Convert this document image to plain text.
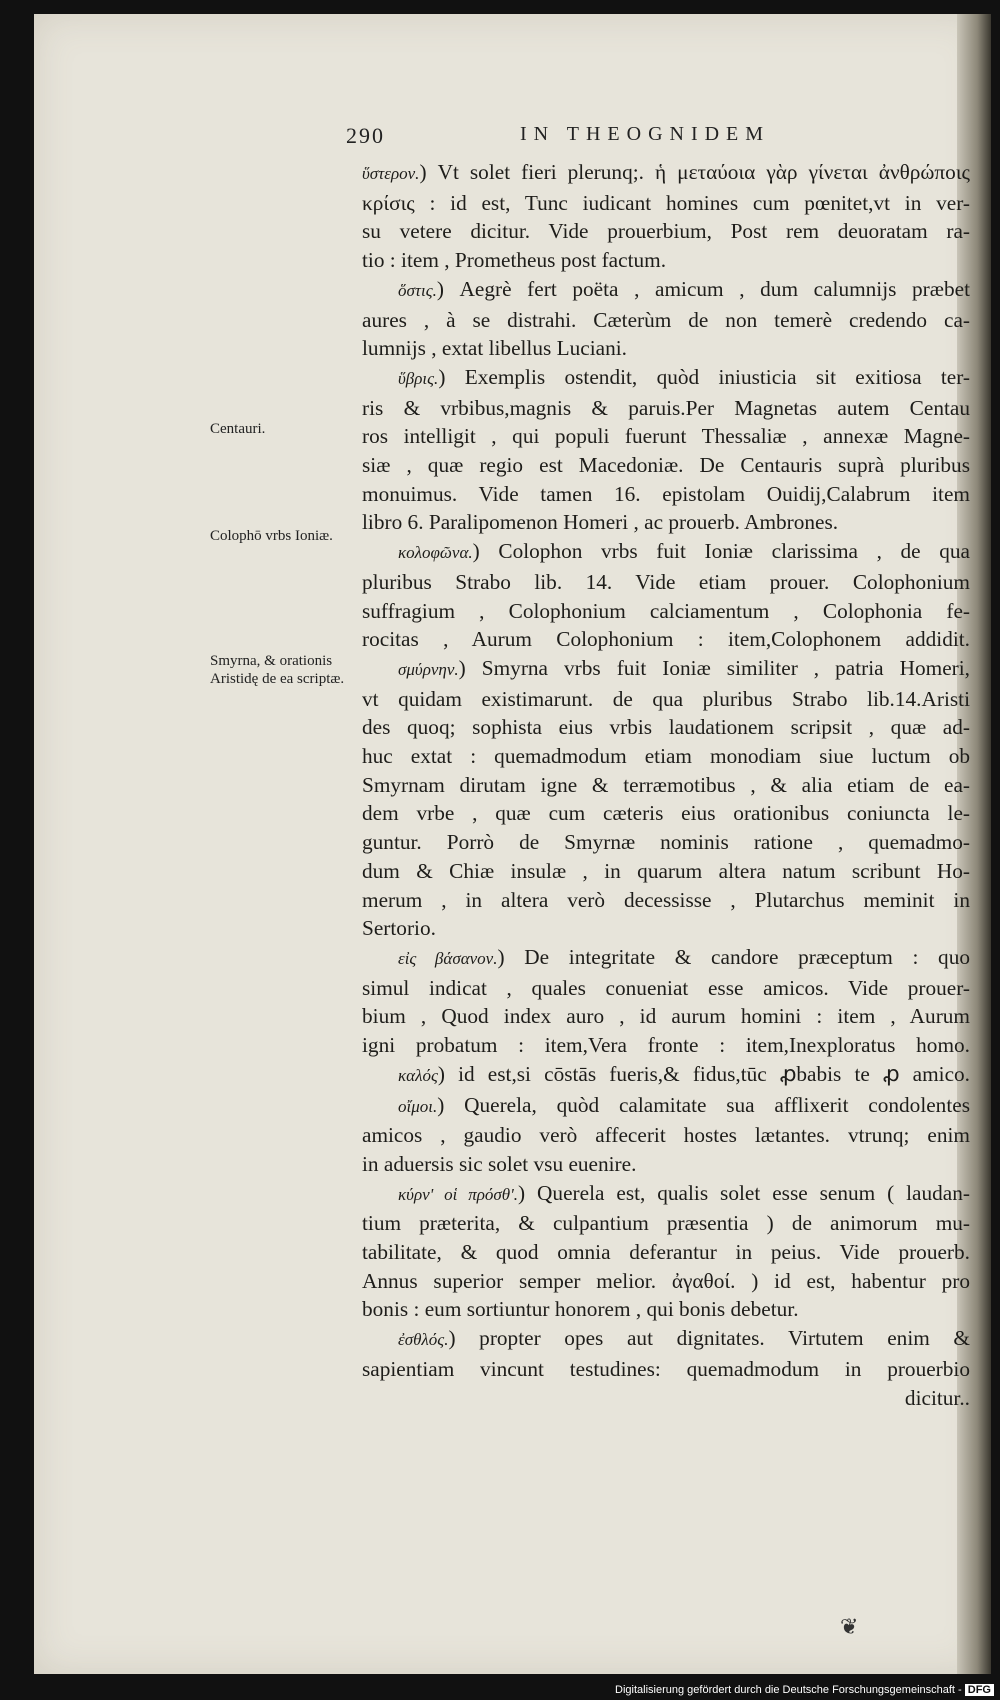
290	IN THEOGNIDEM
Centauri.
Colophō vrbs Ioniæ.
Smyrna, & orationis Aristidę de ea scriptæ.
ὕστερον.) Vt solet fieri plerunq;. ἡ μεταύοια γὰρ γίνεται ἀνθρώποις
κρίσις : id est, Tunc iudicant homines cum pœnitet,vt in ver-
su vetere dicitur. Vide prouerbium, Post rem deuoratam ra-
tio : item , Prometheus post factum.
ὅστις.) Aegrè fert poëta , amicum , dum calumnijs præbet
aures , à se distrahi. Cæterùm de non temerè credendo ca-
lumnijs , extat libellus Luciani.
ὕβρις.) Exemplis ostendit, quòd iniusticia sit exitiosa ter-
ris & vrbibus,magnis & paruis.Per Magnetas autem Centau
ros intelligit , qui populi fuerunt Thessaliæ , annexæ Magne-
siæ , quæ regio est Macedoniæ. De Centauris suprà pluribus
monuimus. Vide tamen 16. epistolam Ouidij,Calabrum item
libro 6. Paralipomenon Homeri , ac prouerb. Ambrones.
κολοφῶνα.) Colophon vrbs fuit Ioniæ clarissima , de qua
pluribus Strabo lib. 14. Vide etiam prouer. Colophonium
suffragium , Colophonium calciamentum , Colophonia fe-
rocitas , Aurum Colophonium : item,Colophonem addidit.
σμύρνην.) Smyrna vrbs fuit Ioniæ similiter , patria Homeri,
vt quidam existimarunt. de qua pluribus Strabo lib.14.Aristi
des quoq; sophista eius vrbis laudationem scripsit , quæ ad-
huc extat : quemadmodum etiam monodiam siue luctum ob
Smyrnam dirutam igne & terræmotibus , & alia etiam de ea-
dem vrbe , quæ cum cæteris eius orationibus coniuncta le-
guntur. Porrò de Smyrnæ nominis ratione , quemadmo-
dum & Chiæ insulæ , in quarum altera natum scribunt Ho-
merum , in altera verò decessisse , Plutarchus meminit in
Sertorio.
εἰς βάσανον.) De integritate & candore præceptum : quo
simul indicat , quales conueniat esse amicos. Vide prouer-
bium , Quod index auro , id aurum homini : item , Aurum
igni probatum : item,Vera fronte : item,Inexploratus homo.
καλός) id est,si cōstās fueris,& fidus,tūc ꝓbabis te ꝓ amico.
οἴμοι.) Querela, quòd calamitate sua afflixerit condolentes
amicos , gaudio verò affecerit hostes lætantes. vtrunq; enim
in aduersis sic solet vsu euenire.
κύρν' οἱ πρόσθ'.) Querela est, qualis solet esse senum ( laudan-
tium præterita, & culpantium præsentia ) de animorum mu-
tabilitate, & quod omnia deferantur in peius. Vide prouerb.
Annus superior semper melior. ἀγαθοί. ) id est, habentur pro
bonis : eum sortiuntur honorem , qui bonis debetur.
ἐσθλός.) propter opes aut dignitates. Virtutem enim &
sapientiam vincunt testudines: quemadmodum in prouerbio
dicitur..
❦
Digitalisierung gefördert durch die Deutsche Forschungsgemeinschaft - DFG
